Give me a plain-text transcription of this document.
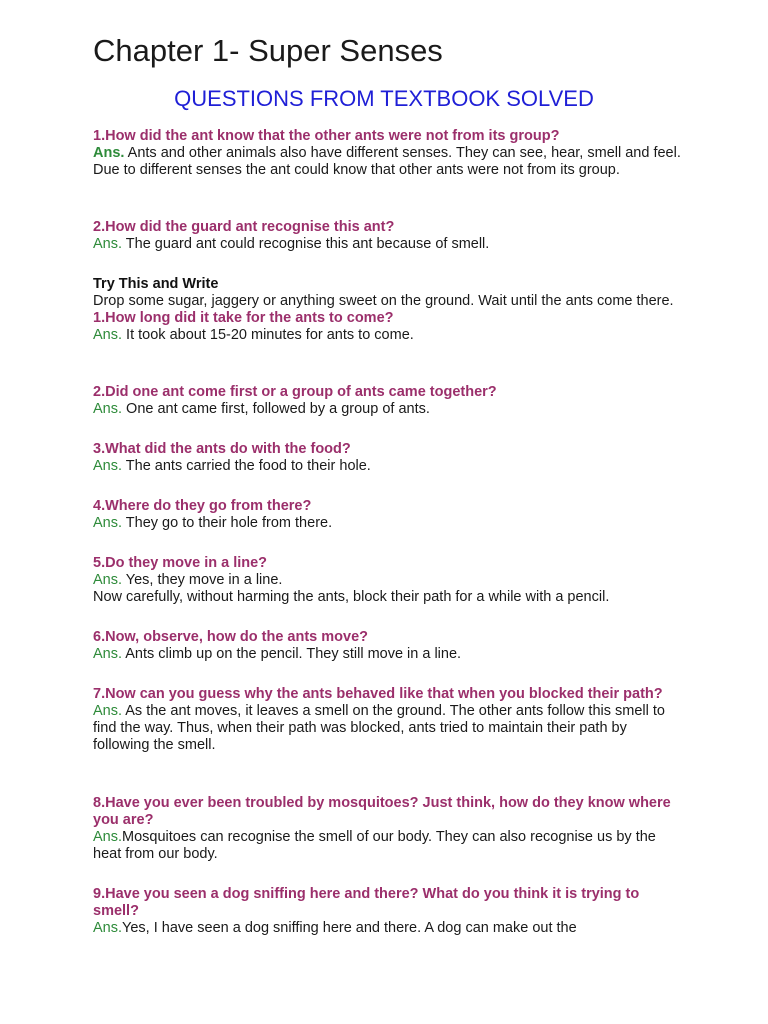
Chapter 1- Super Senses
QUESTIONS FROM TEXTBOOK SOLVED

1.How did the ant know that the other ants were not from its group?

Ans. Ants and other animals also have different senses. They can see, hear, smell and feel. Due to different senses the ant could know that other ants were not from its group.

2.How did the guard ant recognise this ant?

Ans. The guard ant could recognise this ant because of smell.

Try This and Write

Drop some sugar, jaggery or anything sweet on the ground. Wait until the ants come there.

1.How long did it take for the ants to come?

Ans. It took about 15-20 minutes for ants to come.

2.Did one ant come first or a group of ants came together?

Ans. One ant came first, followed by a group of ants.

3.What did the ants do with the food?

Ans. The ants carried the food to their hole.

4.Where do they go from there?

Ans. They go to their hole from there.

5.Do they move in a line?

Ans. Yes, they move in a line.

Now carefully, without harming the ants, block their path for a while with a pencil.

6.Now, observe, how do the ants move?

Ans. Ants climb up on the pencil. They still move in a line.

7.Now can you guess why the ants behaved like that when you blocked their path?

Ans. As the ant moves, it leaves a smell on the ground. The other ants follow this smell to find the way. Thus, when their path was blocked, ants tried to maintain their path by following the smell.

8.Have you ever been troubled by mosquitoes? Just think, how do they know where you are?

Ans.Mosquitoes can recognise the smell of our body. They can also recognise us by the heat from our body.

9.Have you seen a dog sniffing here and there? What do you think it is trying to smell?

Ans.Yes, I have seen a dog sniffing here and there. A dog can make out the
